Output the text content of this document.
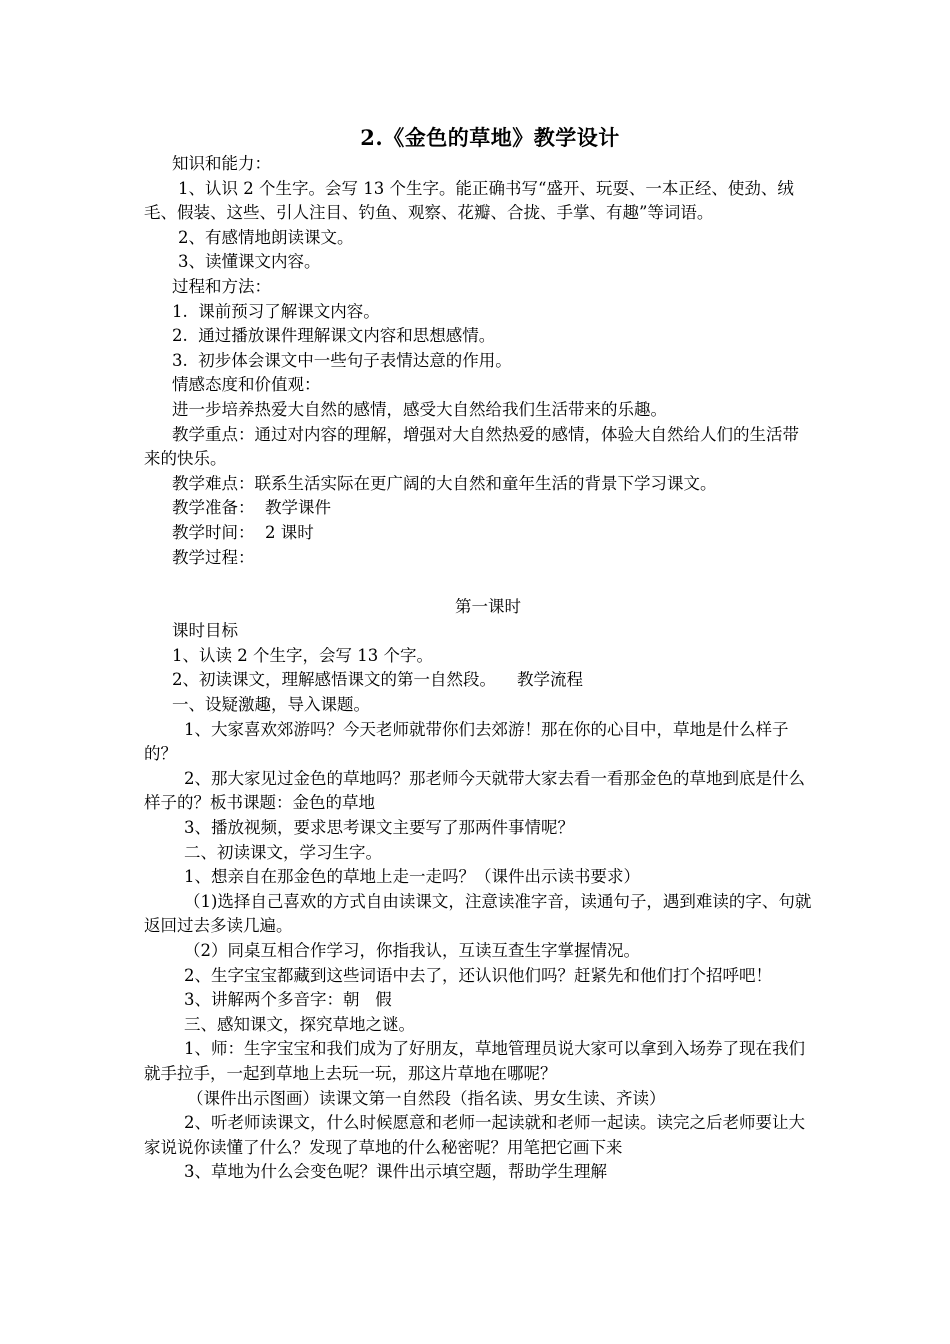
2.《金色的草地》教学设计

知识和能力：

1、认识 2 个生字。会写 13 个生字。能正确书写“盛开、玩耍、一本正经、使劲、绒毛、假装、这些、引人注目、钓鱼、观察、花瓣、合拢、手掌、有趣”等词语。

2、有感情地朗读课文。

3、读懂课文内容。

过程和方法：

1.  课前预习了解课文内容。

2.  通过播放课件理解课文内容和思想感情。

3.  初步体会课文中一些句子表情达意的作用。

情感态度和价值观：

进一步培养热爱大自然的感情，感受大自然给我们生活带来的乐趣。

教学重点：通过对内容的理解，增强对大自然热爱的感情，体验大自然给人们的生活带来的快乐。

教学难点：联系生活实际在更广阔的大自然和童年生活的背景下学习课文。

教学准备：  教学课件

教学时间：  2 课时

教学过程：

第一课时

课时目标

1、认读 2 个生字，会写 13 个字。

2、初读课文，理解感悟课文的第一自然段。    教学流程

一、设疑激趣，导入课题。

1、大家喜欢郊游吗？今天老师就带你们去郊游！那在你的心目中，草地是什么样子的？

2、那大家见过金色的草地吗？那老师今天就带大家去看一看那金色的草地到底是什么样子的？板书课题：金色的草地

3、播放视频，要求思考课文主要写了那两件事情呢？

二、初读课文，学习生字。

1、想亲自在那金色的草地上走一走吗？（课件出示读书要求）

（1)选择自己喜欢的方式自由读课文，注意读准字音，读通句子，遇到难读的字、句就返回过去多读几遍。

（2）同桌互相合作学习，你指我认，互读互查生字掌握情况。

2、生字宝宝都藏到这些词语中去了，还认识他们吗？赶紧先和他们打个招呼吧！

3、讲解两个多音字：朝   假

三、感知课文，探究草地之谜。

1、师：生字宝宝和我们成为了好朋友，草地管理员说大家可以拿到入场券了现在我们就手拉手，一起到草地上去玩一玩，那这片草地在哪呢？

（课件出示图画）读课文第一自然段（指名读、男女生读、齐读）

2、听老师读课文，什么时候愿意和老师一起读就和老师一起读。读完之后老师要让大家说说你读懂了什么？发现了草地的什么秘密呢？用笔把它画下来

3、草地为什么会变色呢？课件出示填空题，帮助学生理解
